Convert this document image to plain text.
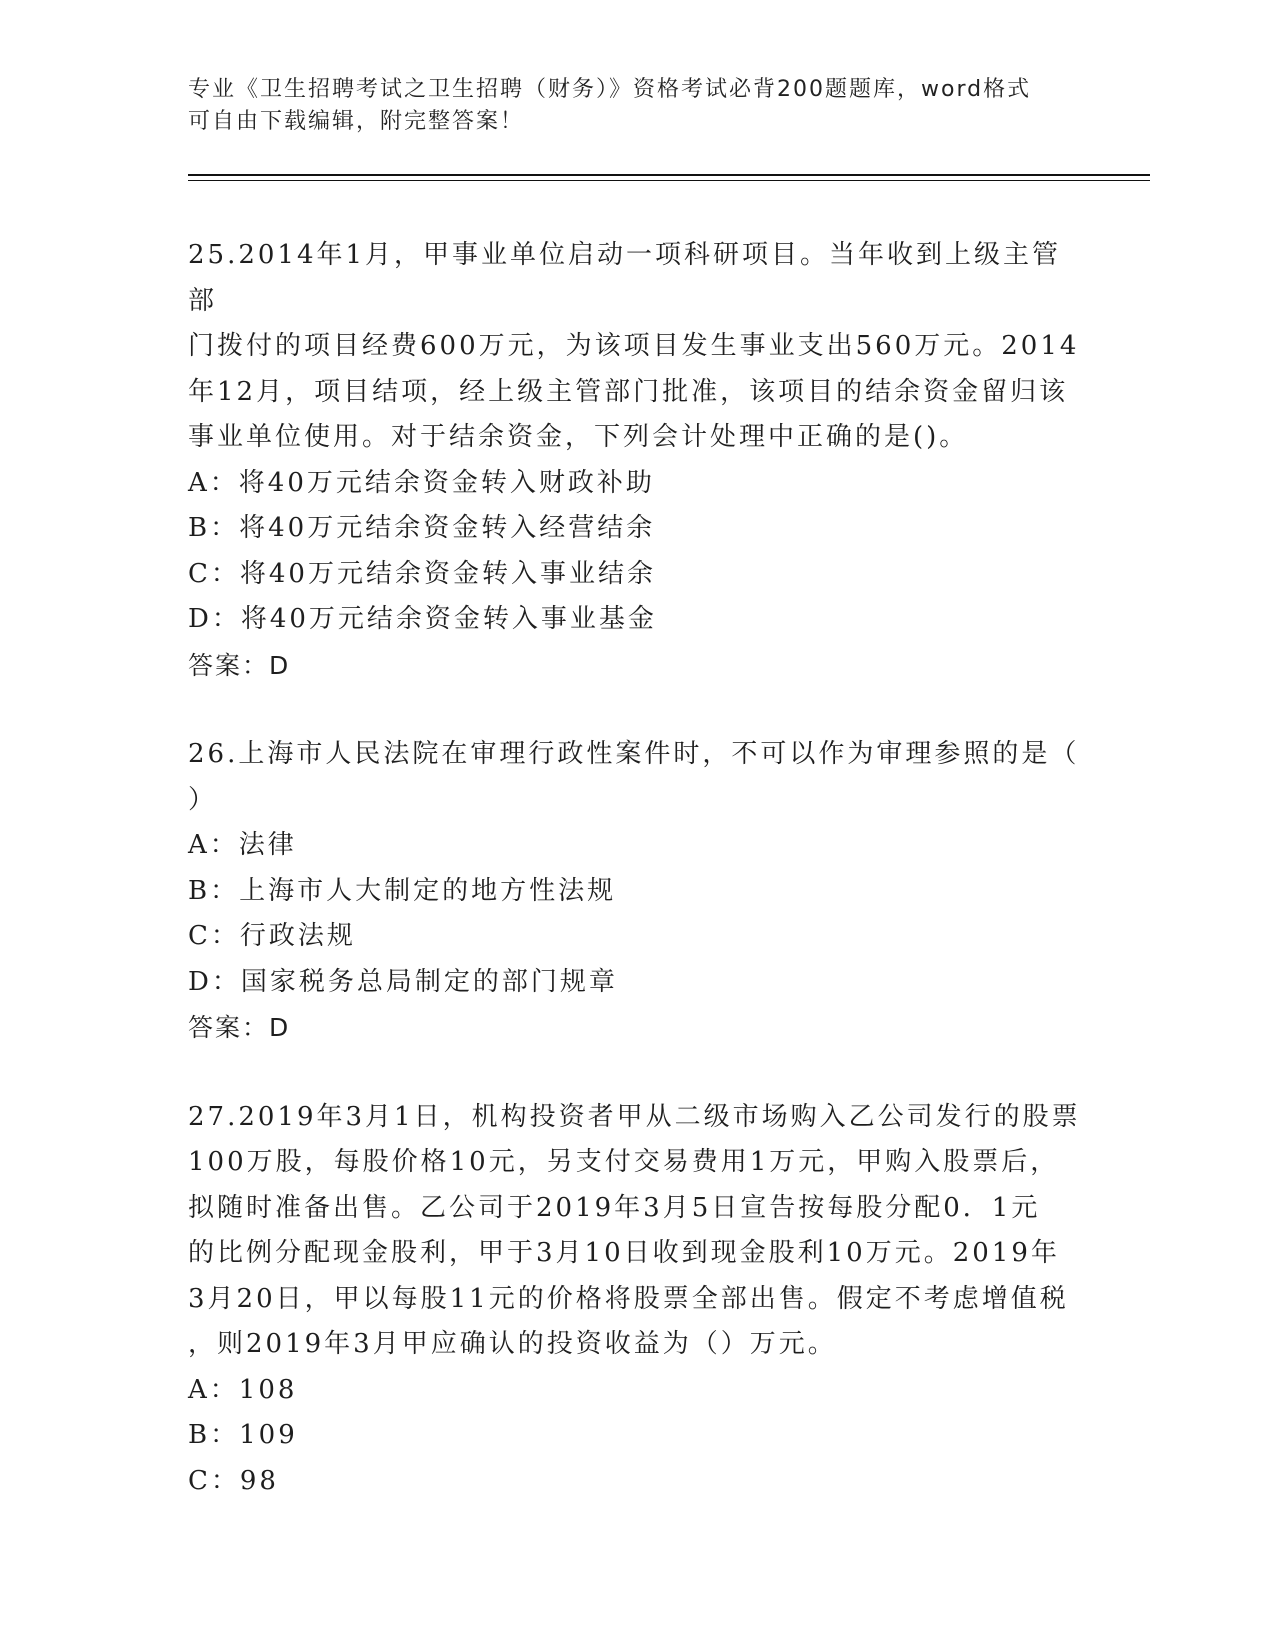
专业《卫生招聘考试之卫生招聘（财务）》资格考试必背200题题库，word格式
可自由下载编辑，附完整答案！

25.2014年1月，甲事业单位启动一项科研项目。当年收到上级主管部

门拨付的项目经费600万元，为该项目发生事业支出560万元。2014

年12月，项目结项，经上级主管部门批准，该项目的结余资金留归该

事业单位使用。对于结余资金，下列会计处理中正确的是()。

A：将40万元结余资金转入财政补助

B：将40万元结余资金转入经营结余

C：将40万元结余资金转入事业结余

D：将40万元结余资金转入事业基金

答案：D

26.上海市人民法院在审理行政性案件时，不可以作为审理参照的是（

）

A：法律

B：上海市人大制定的地方性法规

C：行政法规

D：国家税务总局制定的部门规章

答案：D

27.2019年3月1日，机构投资者甲从二级市场购入乙公司发行的股票

100万股，每股价格10元，另支付交易费用1万元，甲购入股票后，

拟随时准备出售。乙公司于2019年3月5日宣告按每股分配0．1元

的比例分配现金股利，甲于3月10日收到现金股利10万元。2019年

3月20日，甲以每股11元的价格将股票全部出售。假定不考虑增值税

，则2019年3月甲应确认的投资收益为（）万元。

A：108

B：109

C：98
